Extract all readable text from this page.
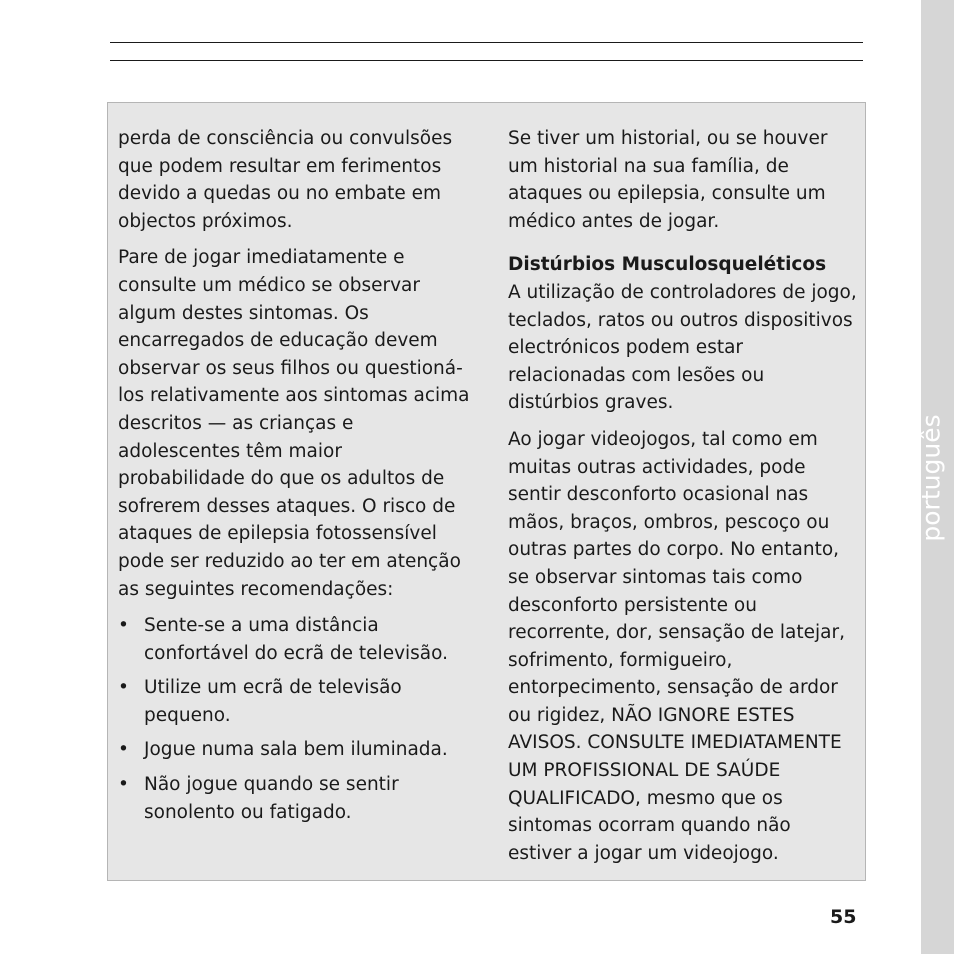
perda de consciência ou convulsões que podem resultar em ferimentos devido a quedas ou no embate em objectos próximos.

Pare de jogar imediatamente e consulte um médico se observar algum destes sintomas. Os encarregados de educação devem observar os seus filhos ou questioná-los relativamente aos sintomas acima descritos — as crianças e adolescentes têm maior probabilidade do que os adultos de sofrerem desses ataques. O risco de ataques de epilepsia fotossensível pode ser reduzido ao ter em atenção as seguintes recomendações:

• Sente-se a uma distância confortável do ecrã de televisão.
• Utilize um ecrã de televisão pequeno.
• Jogue numa sala bem iluminada.
• Não jogue quando se sentir sonolento ou fatigado.

Se tiver um historial, ou se houver um historial na sua família, de ataques ou epilepsia, consulte um médico antes de jogar.

Distúrbios Musculosqueléticos
A utilização de controladores de jogo, teclados, ratos ou outros dispositivos electrónicos podem estar relacionadas com lesões ou distúrbios graves.

Ao jogar videojogos, tal como em muitas outras actividades, pode sentir desconforto ocasional nas mãos, braços, ombros, pescoço ou outras partes do corpo. No entanto, se observar sintomas tais como desconforto persistente ou recorrente, dor, sensação de latejar, sofrimento, formigueiro, entorpecimento, sensação de ardor ou rigidez, NÃO IGNORE ESTES AVISOS. CONSULTE IMEDIATAMENTE UM PROFISSIONAL DE SAÚDE QUALIFICADO, mesmo que os sintomas ocorram quando não estiver a jogar um videojogo.

português
55
